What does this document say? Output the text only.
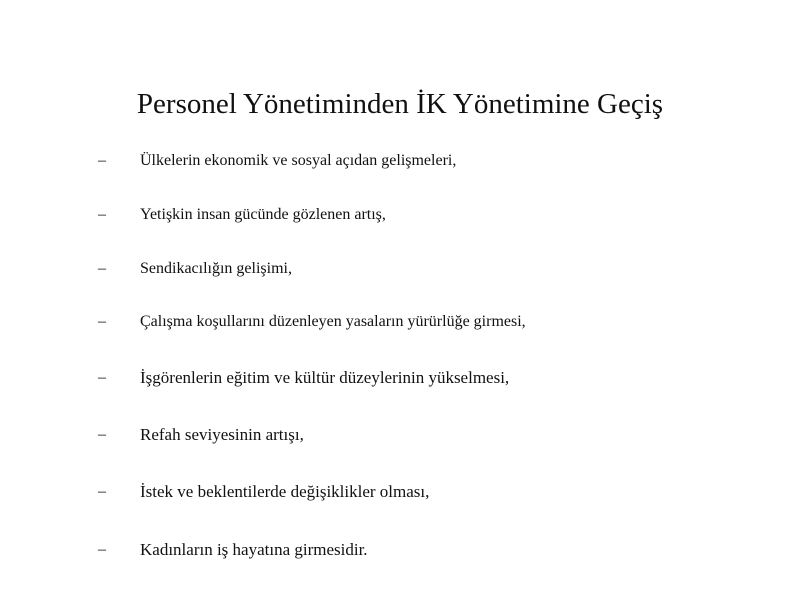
Personel Yönetiminden İK Yönetimine Geçiş
– Ülkelerin ekonomik ve sosyal açıdan gelişmeleri,
– Yetişkin insan gücünde gözlenen artış,
– Sendikacılığın gelişimi,
– Çalışma koşullarını düzenleyen yasaların yürürlüğe girmesi,
– İşgörenlerin eğitim ve kültür düzeylerinin yükselmesi,
– Refah seviyesinin artışı,
– İstek ve beklentilerde değişiklikler olması,
– Kadınların iş hayatına girmesidir.
